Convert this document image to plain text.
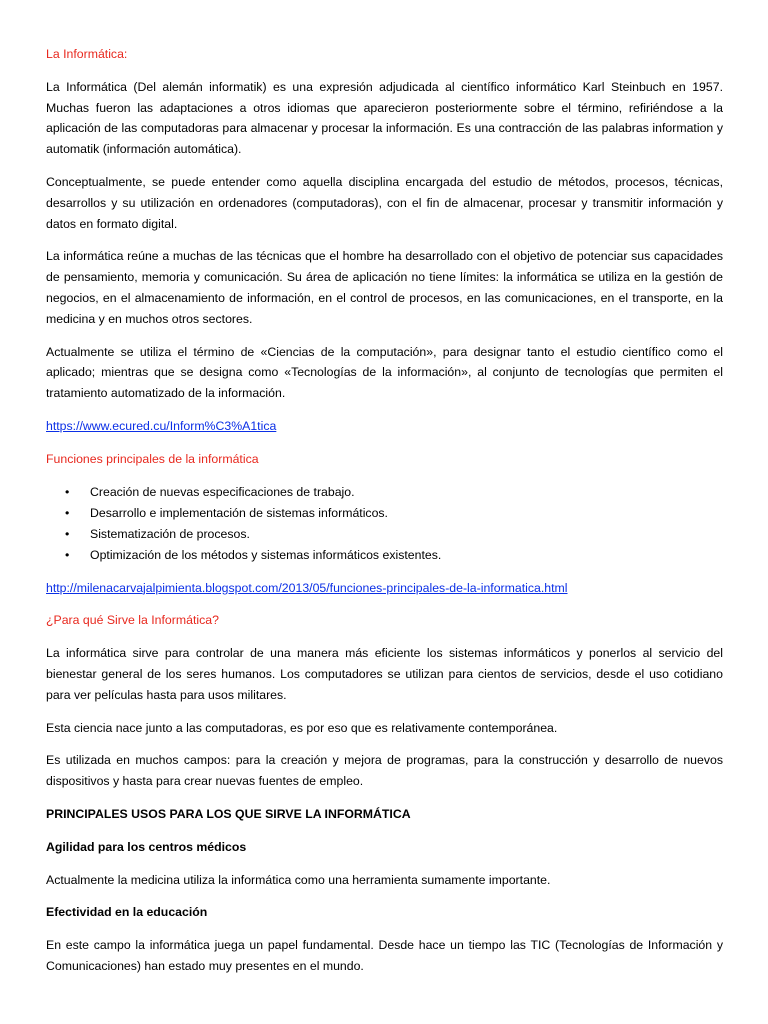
La Informática:

La Informática (Del alemán informatik) es una expresión adjudicada al científico informático Karl Steinbuch en 1957. Muchas fueron las adaptaciones a otros idiomas que aparecieron posteriormente sobre el término, refiriéndose a la aplicación de las computadoras para almacenar y procesar la información. Es una contracción de las palabras information y automatik (información automática).

Conceptualmente, se puede entender como aquella disciplina encargada del estudio de métodos, procesos, técnicas, desarrollos y su utilización en ordenadores (computadoras), con el fin de almacenar, procesar y transmitir información y datos en formato digital.

La informática reúne a muchas de las técnicas que el hombre ha desarrollado con el objetivo de potenciar sus capacidades de pensamiento, memoria y comunicación. Su área de aplicación no tiene límites: la informática se utiliza en la gestión de negocios, en el almacenamiento de información, en el control de procesos, en las comunicaciones, en el transporte, en la medicina y en muchos otros sectores.

Actualmente se utiliza el término de «Ciencias de la computación», para designar tanto el estudio científico como el aplicado; mientras que se designa como «Tecnologías de la información», al conjunto de tecnologías que permiten el tratamiento automatizado de la información.

https://www.ecured.cu/Inform%C3%A1tica
Funciones principales de la informática
• Creación de nuevas especificaciones de trabajo.
• Desarrollo e implementación de sistemas informáticos.
• Sistematización de procesos.
• Optimización de los métodos y sistemas informáticos existentes.
http://milenacarvajalpimienta.blogspot.com/2013/05/funciones-principales-de-la-informatica.html
¿Para qué Sirve la Informática?

La informática sirve para controlar de una manera más eficiente los sistemas informáticos y ponerlos al servicio del bienestar general de los seres humanos. Los computadores se utilizan para cientos de servicios, desde el uso cotidiano para ver películas hasta para usos militares.

Esta ciencia nace junto a las computadoras, es por eso que es relativamente contemporánea.

Es utilizada en muchos campos: para la creación y mejora de programas, para la construcción y desarrollo de nuevos dispositivos y hasta para crear nuevas fuentes de empleo.

PRINCIPALES USOS PARA LOS QUE SIRVE LA INFORMÁTICA
Agilidad para los centros médicos

Actualmente la medicina utiliza la informática como una herramienta sumamente importante.

Efectividad en la educación

En este campo la informática juega un papel fundamental. Desde hace un tiempo las TIC (Tecnologías de Información y Comunicaciones) han estado muy presentes en el mundo.
